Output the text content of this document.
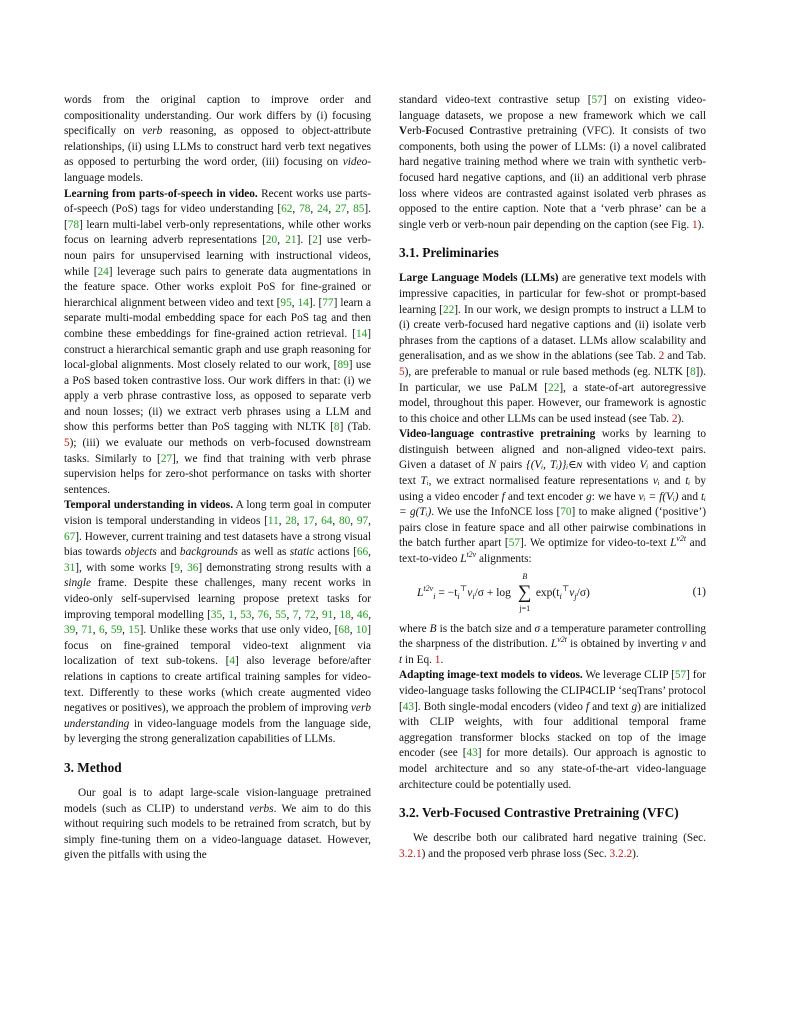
words from the original caption to improve order and compositionality understanding. Our work differs by (i) focusing specifically on verb reasoning, as opposed to object-attribute relationships, (ii) using LLMs to construct hard verb text negatives as opposed to perturbing the word order, (iii) focusing on video-language models.

Learning from parts-of-speech in video. Recent works use parts-of-speech (PoS) tags for video understanding [62, 78, 24, 27, 85]. [78] learn multi-label verb-only representations, while other works focus on learning adverb representations [20, 21]. [2] use verb-noun pairs for unsupervised learning with instructional videos, while [24] leverage such pairs to generate data augmentations in the feature space. Other works exploit PoS for fine-grained or hierarchical alignment between video and text [95, 14]. [77] learn a separate multi-modal embedding space for each PoS tag and then combine these embeddings for fine-grained action retrieval. [14] construct a hierarchical semantic graph and use graph reasoning for local-global alignments. Most closely related to our work, [89] use a PoS based token contrastive loss. Our work differs in that: (i) we apply a verb phrase contrastive loss, as opposed to separate verb and noun losses; (ii) we extract verb phrases using a LLM and show this performs better than PoS tagging with NLTK [8] (Tab. 5); (iii) we evaluate our methods on verb-focused downstream tasks. Similarly to [27], we find that training with verb phrase supervision helps for zero-shot performance on tasks with shorter sentences.

Temporal understanding in videos. A long term goal in computer vision is temporal understanding in videos [11, 28, 17, 64, 80, 97, 67]. However, current training and test datasets have a strong visual bias towards objects and backgrounds as well as static actions [66, 31], with some works [9, 36] demonstrating strong results with a single frame. Despite these challenges, many recent works in video-only self-supervised learning propose pretext tasks for improving temporal modelling [35, 1, 53, 76, 55, 7, 72, 91, 18, 46, 39, 71, 6, 59, 15]. Unlike these works that use only video, [68, 10] focus on fine-grained temporal video-text alignment via localization of text sub-tokens. [4] also leverage before/after relations in captions to create artifical training samples for video-text. Differently to these works (which create augmented video negatives or positives), we approach the problem of improving verb understanding in video-language models from the language side, by leverging the strong generalization capabilities of LLMs.

3. Method

Our goal is to adapt large-scale vision-language pretrained models (such as CLIP) to understand verbs. We aim to do this without requiring such models to be retrained from scratch, but by simply fine-tuning them on a video-language dataset. However, given the pitfalls with using the

standard video-text contrastive setup [57] on existing video-language datasets, we propose a new framework which we call Verb-Focused Contrastive pretraining (VFC). It consists of two components, both using the power of LLMs: (i) a novel calibrated hard negative training method where we train with synthetic verb-focused hard negative captions, and (ii) an additional verb phrase loss where videos are contrasted against isolated verb phrases as opposed to the entire caption. Note that a ‘verb phrase’ can be a single verb or verb-noun pair depending on the caption (see Fig. 1).

3.1. Preliminaries

Large Language Models (LLMs) are generative text models with impressive capacities, in particular for few-shot or prompt-based learning [22]. In our work, we design prompts to instruct a LLM to (i) create verb-focused hard negative captions and (ii) isolate verb phrases from the captions of a dataset. LLMs allow scalability and generalisation, and as we show in the ablations (see Tab. 2 and Tab. 5), are preferable to manual or rule based methods (eg. NLTK [8]). In particular, we use PaLM [22], a state-of-art autoregressive model, throughout this paper. However, our framework is agnostic to this choice and other LLMs can be used instead (see Tab. 2).

Video-language contrastive pretraining works by learning to distinguish between aligned and non-aligned video-text pairs. Given a dataset of N pairs {(Vᵢ, Tᵢ)}ᵢ∈ɴ with video Vᵢ and caption text Tᵢ, we extract normalised feature representations vᵢ and tᵢ by using a video encoder f and text encoder g: we have vᵢ = f(Vᵢ) and tᵢ = g(Tᵢ). We use the InfoNCE loss [70] to make aligned (‘positive’) pairs close in feature space and all other pairwise combinations in the batch further apart [57]. We optimize for video-to-text $L^{v2t}$ and text-to-video $L^{t2v}$ alignments:

$L^{t2v}_i = -t_i^⊤v_i/\sigma + \log$
B
∑
j=1
$\exp(t_i^⊤v_j/\sigma)$	(1)

where B is the batch size and σ a temperature parameter controlling the sharpness of the distribution. $L^{v2t}$ is obtained by inverting v and t in Eq. 1.

Adapting image-text models to videos. We leverage CLIP [57] for video-language tasks following the CLIP4CLIP ‘seqTrans’ protocol [43]. Both single-modal encoders (video f and text g) are initialized with CLIP weights, with four additional temporal frame aggregation transformer blocks stacked on top of the image encoder (see [43] for more details). Our approach is agnostic to model architecture and so any state-of-the-art video-language architecture could be potentially used.

3.2. Verb-Focused Contrastive Pretraining (VFC)

We describe both our calibrated hard negative training (Sec. 3.2.1) and the proposed verb phrase loss (Sec. 3.2.2).
